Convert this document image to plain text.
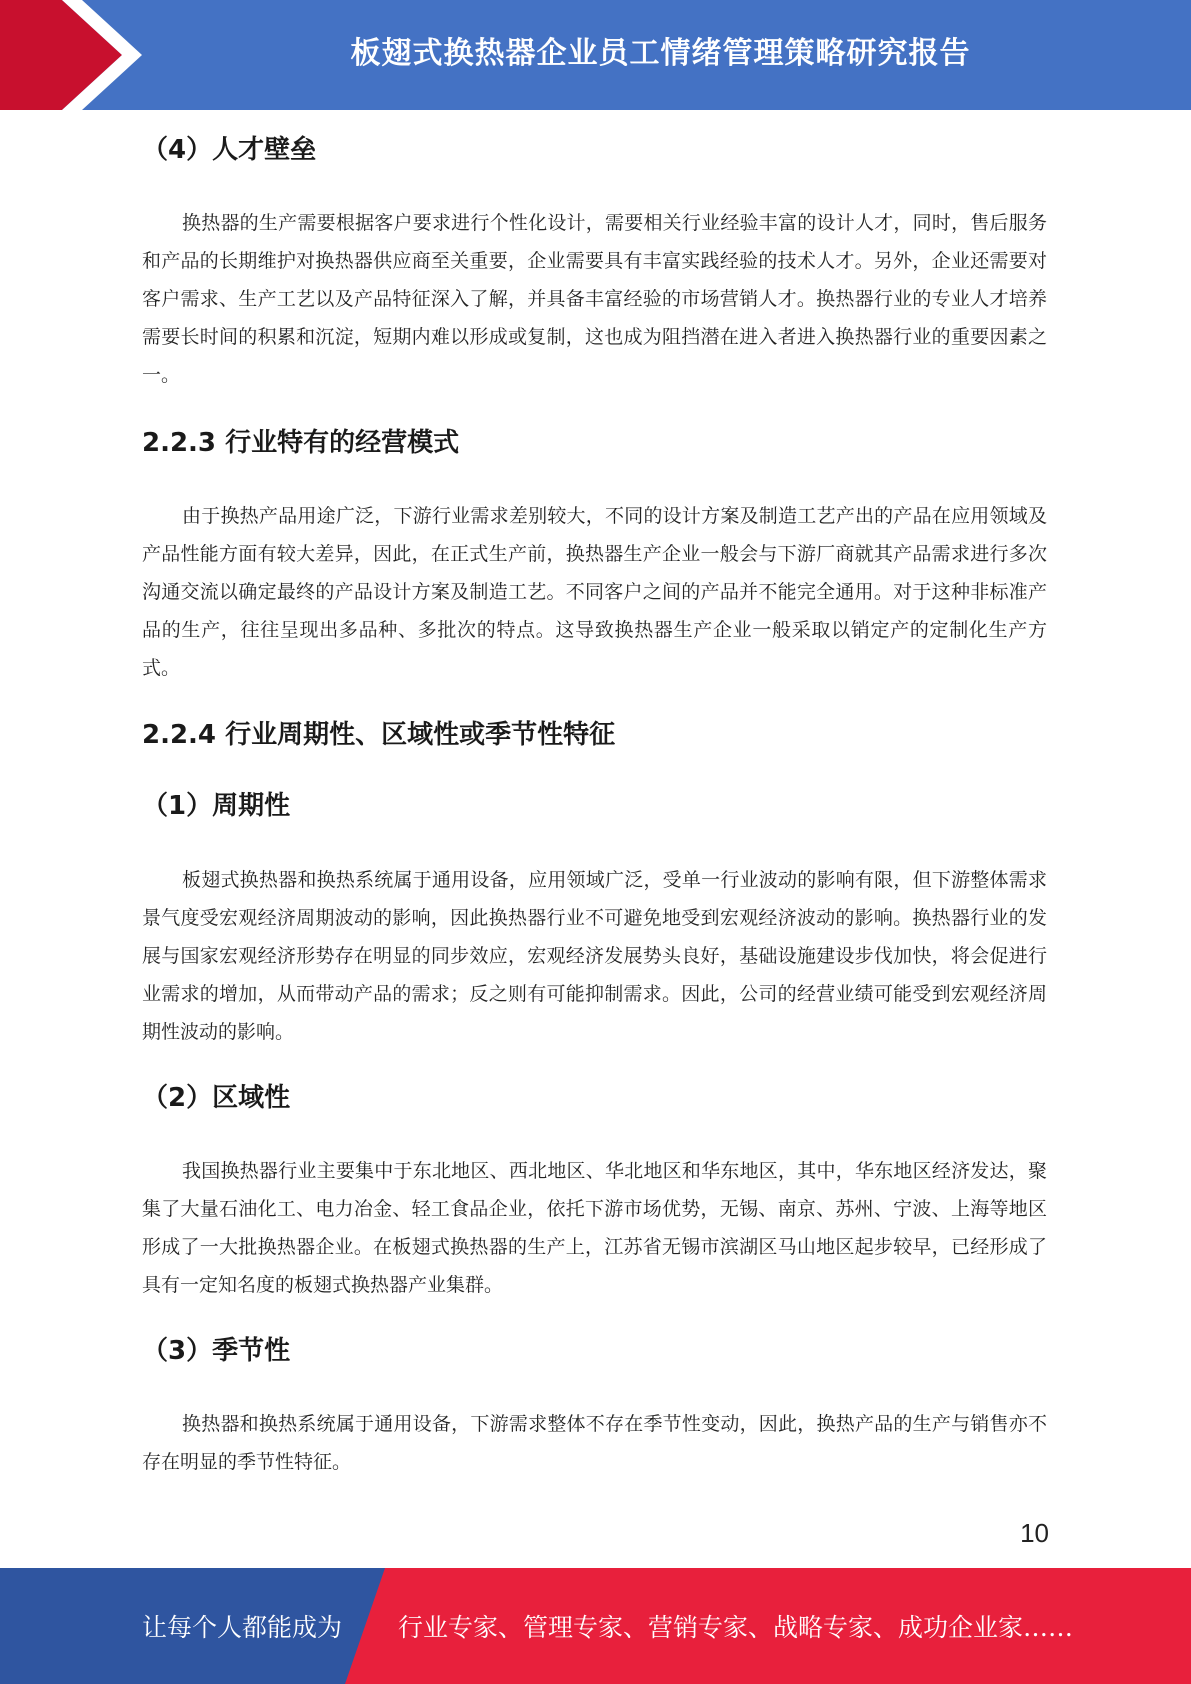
板翅式换热器企业员工情绪管理策略研究报告
（4）人才壁垒

换热器的生产需要根据客户要求进行个性化设计，需要相关行业经验丰富的设计人才，同时，售后服务和产品的长期维护对换热器供应商至关重要，企业需要具有丰富实践经验的技术人才。另外，企业还需要对客户需求、生产工艺以及产品特征深入了解，并具备丰富经验的市场营销人才。换热器行业的专业人才培养需要长时间的积累和沉淀，短期内难以形成或复制，这也成为阻挡潜在进入者进入换热器行业的重要因素之一。

2.2.3 行业特有的经营模式

由于换热产品用途广泛，下游行业需求差别较大，不同的设计方案及制造工艺产出的产品在应用领域及产品性能方面有较大差异，因此，在正式生产前，换热器生产企业一般会与下游厂商就其产品需求进行多次沟通交流以确定最终的产品设计方案及制造工艺。不同客户之间的产品并不能完全通用。对于这种非标准产品的生产，往往呈现出多品种、多批次的特点。这导致换热器生产企业一般采取以销定产的定制化生产方式。

2.2.4 行业周期性、区域性或季节性特征
（1）周期性

板翅式换热器和换热系统属于通用设备，应用领域广泛，受单一行业波动的影响有限，但下游整体需求景气度受宏观经济周期波动的影响，因此换热器行业不可避免地受到宏观经济波动的影响。换热器行业的发展与国家宏观经济形势存在明显的同步效应，宏观经济发展势头良好，基础设施建设步伐加快，将会促进行业需求的增加，从而带动产品的需求；反之则有可能抑制需求。因此，公司的经营业绩可能受到宏观经济周期性波动的影响。

（2）区域性

我国换热器行业主要集中于东北地区、西北地区、华北地区和华东地区，其中，华东地区经济发达，聚集了大量石油化工、电力冶金、轻工食品企业，依托下游市场优势，无锡、南京、苏州、宁波、上海等地区形成了一大批换热器企业。在板翅式换热器的生产上，江苏省无锡市滨湖区马山地区起步较早，已经形成了具有一定知名度的板翅式换热器产业集群。

（3）季节性

换热器和换热系统属于通用设备，下游需求整体不存在季节性变动，因此，换热产品的生产与销售亦不存在明显的季节性特征。

10
让每个人都能成为 行业专家、管理专家、营销专家、战略专家、成功企业家……
